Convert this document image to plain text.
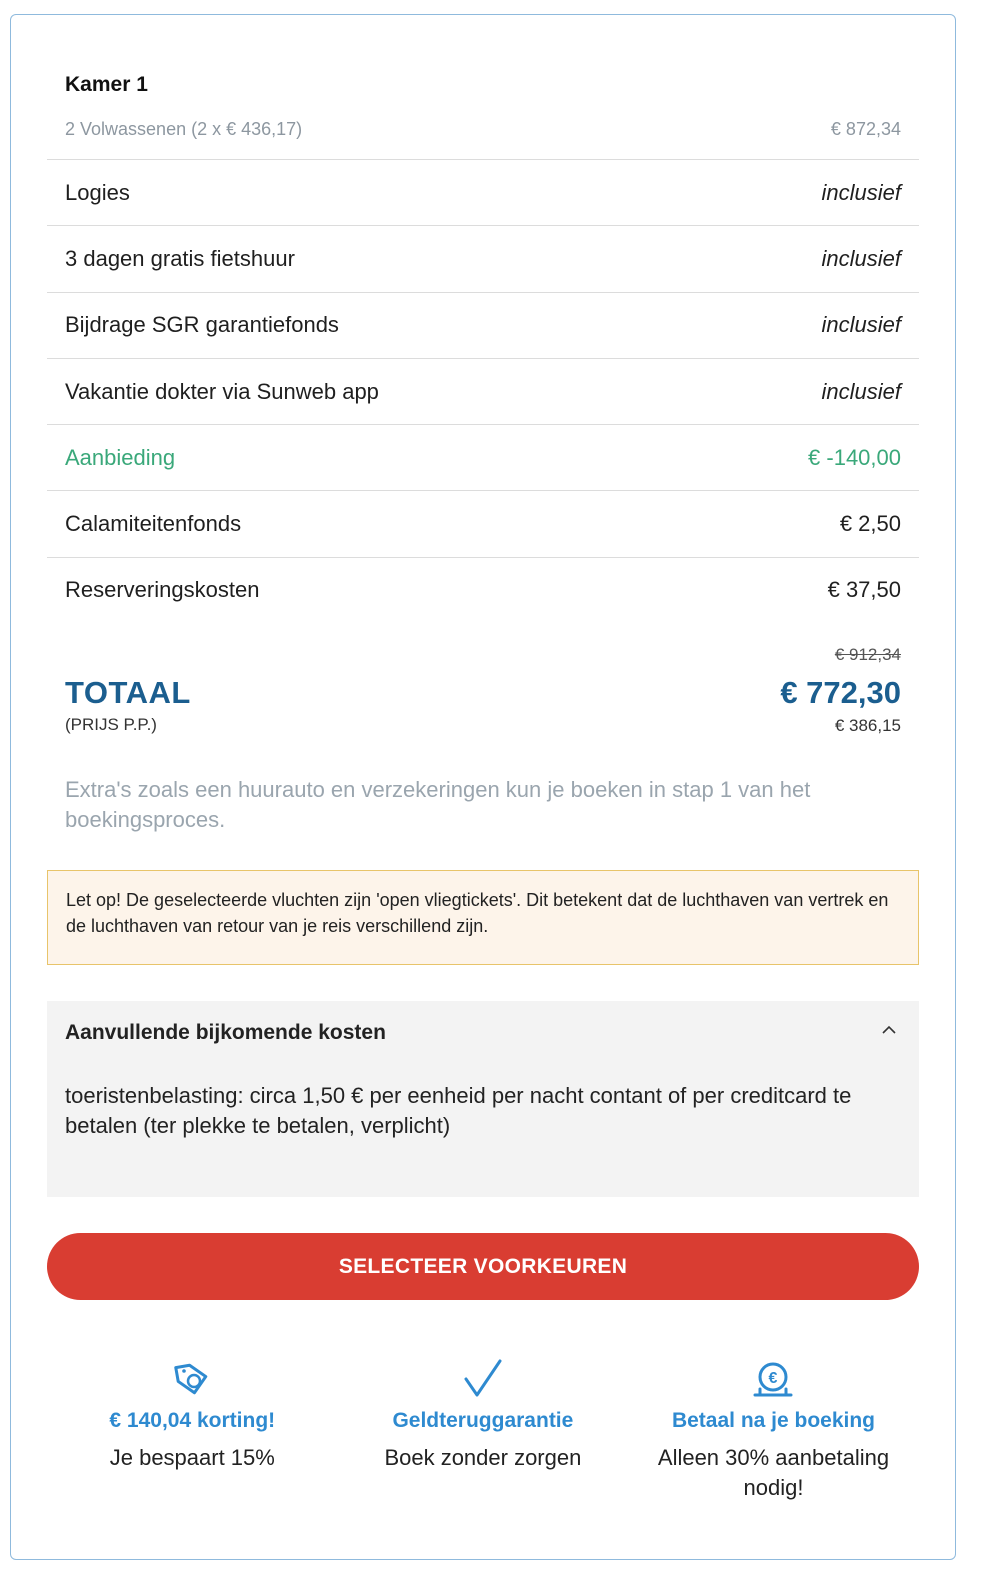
Kamer 1
2 Volwassenen (2 x € 436,17)	€ 872,34
Logies	inclusief
3 dagen gratis fietshuur	inclusief
Bijdrage SGR garantiefonds	inclusief
Vakantie dokter via Sunweb app	inclusief
Aanbieding	€ -140,00
Calamiteitenfonds	€ 2,50
Reserveringskosten	€ 37,50
€ 912,34
TOTAAL	€ 772,30
(PRIJS P.P.)	€ 386,15
Extra's zoals een huurauto en verzekeringen kun je boeken in stap 1 van het boekingsproces.
Let op! De geselecteerde vluchten zijn 'open vliegtickets'. Dit betekent dat de luchthaven van vertrek en de luchthaven van retour van je reis verschillend zijn.
Aanvullende bijkomende kosten
toeristenbelasting: circa 1,50 € per eenheid per nacht contant of per creditcard te betalen (ter plekke te betalen, verplicht)
SELECTEER VOORKEUREN
€ 140,04 korting!
Je bespaart 15%
Geldteruggarantie
Boek zonder zorgen
€
Betaal na je boeking
Alleen 30% aanbetaling nodig!
